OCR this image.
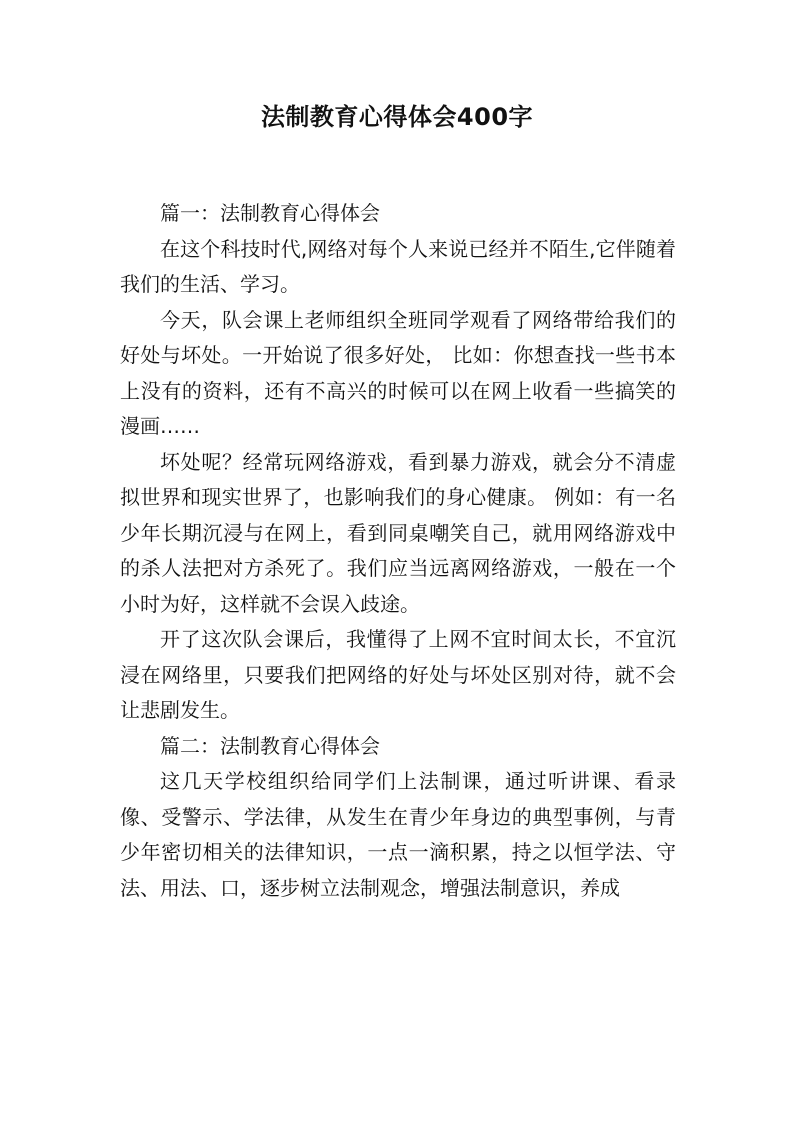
法制教育心得体会400字

篇一：法制教育心得体会

在这个科技时代,网络对每个人来说已经并不陌生,它伴随着我们的生活、学习。

今天，队会课上老师组织全班同学观看了网络带给我们的好处与坏处。一开始说了很多好处， 比如：你想查找一些书本上没有的资料，还有不高兴的时候可以在网上收看一些搞笑的漫画……

坏处呢？经常玩网络游戏，看到暴力游戏，就会分不清虚拟世界和现实世界了，也影响我们的身心健康。 例如：有一名少年长期沉浸与在网上，看到同桌嘲笑自己，就用网络游戏中的杀人法把对方杀死了。我们应当远离网络游戏，一般在一个小时为好，这样就不会误入歧途。

开了这次队会课后，我懂得了上网不宜时间太长，不宜沉浸在网络里，只要我们把网络的好处与坏处区别对待，就不会让悲剧发生。

篇二：法制教育心得体会

这几天学校组织给同学们上法制课，通过听讲课、看录像、受警示、学法律，从发生在青少年身边的典型事例，与青少年密切相关的法律知识，一点一滴积累，持之以恒学法、守法、用法、口，逐步树立法制观念，增强法制意识，养成
